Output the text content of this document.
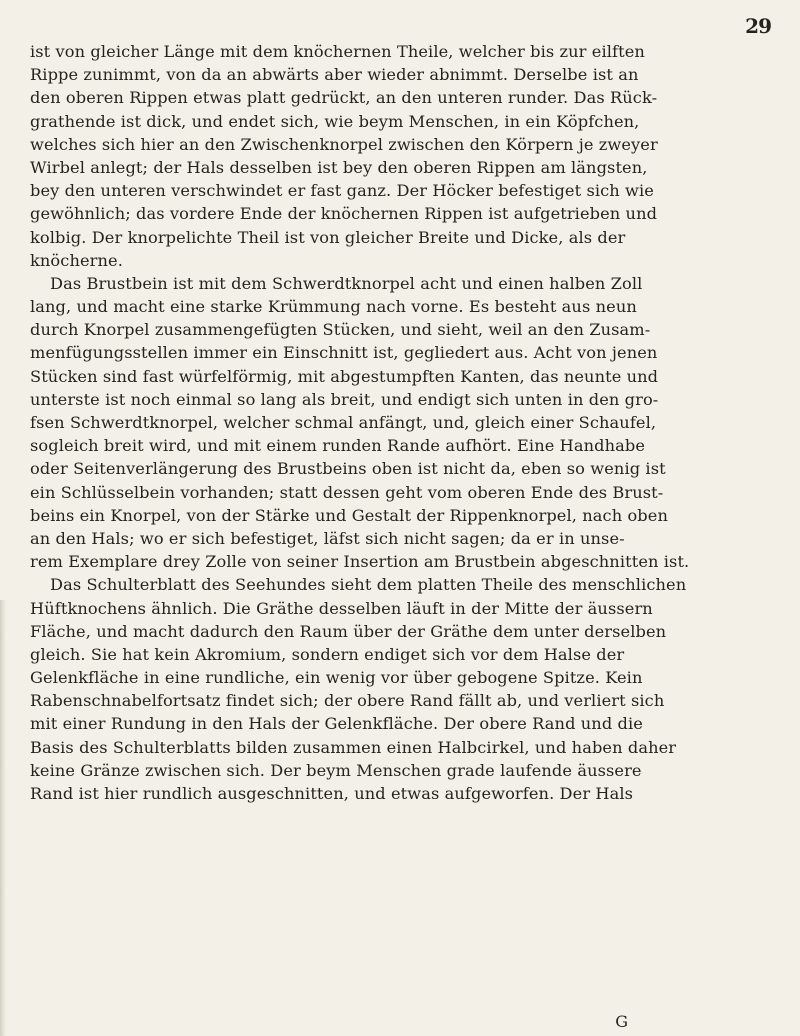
29
ist von gleicher Länge mit dem knöchernen Theile, welcher bis zur eilften
Rippe zunimmt, von da an abwärts aber wieder abnimmt. Derselbe ist an
den oberen Rippen etwas platt gedrückt, an den unteren runder. Das Rück-
grathende ist dick, und endet sich, wie beym Menschen, in ein Köpfchen,
welches sich hier an den Zwischenknorpel zwischen den Körpern je zweyer
Wirbel anlegt; der Hals desselben ist bey den oberen Rippen am längsten,
bey den unteren verschwindet er fast ganz. Der Höcker befestiget sich wie
gewöhnlich; das vordere Ende der knöchernen Rippen ist aufgetrieben und
kolbig. Der knorpelichte Theil ist von gleicher Breite und Dicke, als der
knöcherne.
Das Brustbein ist mit dem Schwerdtknorpel acht und einen halben Zoll
lang, und macht eine starke Krümmung nach vorne. Es besteht aus neun
durch Knorpel zusammengefügten Stücken, und sieht, weil an den Zusam-
menfügungsstellen immer ein Einschnitt ist, gegliedert aus. Acht von jenen
Stücken sind fast würfelförmig, mit abgestumpften Kanten, das neunte und
unterste ist noch einmal so lang als breit, und endigt sich unten in den gro-
fsen Schwerdtknorpel, welcher schmal anfängt, und, gleich einer Schaufel,
sogleich breit wird, und mit einem runden Rande aufhört. Eine Handhabe
oder Seitenverlängerung des Brustbeins oben ist nicht da, eben so wenig ist
ein Schlüsselbein vorhanden; statt dessen geht vom oberen Ende des Brust-
beins ein Knorpel, von der Stärke und Gestalt der Rippenknorpel, nach oben
an den Hals; wo er sich befestiget, läfst sich nicht sagen; da er in unse-
rem Exemplare drey Zolle von seiner Insertion am Brustbein abgeschnitten ist.
Das Schulterblatt des Seehundes sieht dem platten Theile des menschlichen
Hüftknochens ähnlich. Die Gräthe desselben läuft in der Mitte der äussern
Fläche, und macht dadurch den Raum über der Gräthe dem unter derselben
gleich. Sie hat kein Akromium, sondern endiget sich vor dem Halse der
Gelenkfläche in eine rundliche, ein wenig vor über gebogene Spitze. Kein
Rabenschnabelfortsatz findet sich; der obere Rand fällt ab, und verliert sich
mit einer Rundung in den Hals der Gelenkfläche. Der obere Rand und die
Basis des Schulterblatts bilden zusammen einen Halbcirkel, und haben daher
keine Gränze zwischen sich. Der beym Menschen grade laufende äussere
Rand ist hier rundlich ausgeschnitten, und etwas aufgeworfen. Der Hals
G
